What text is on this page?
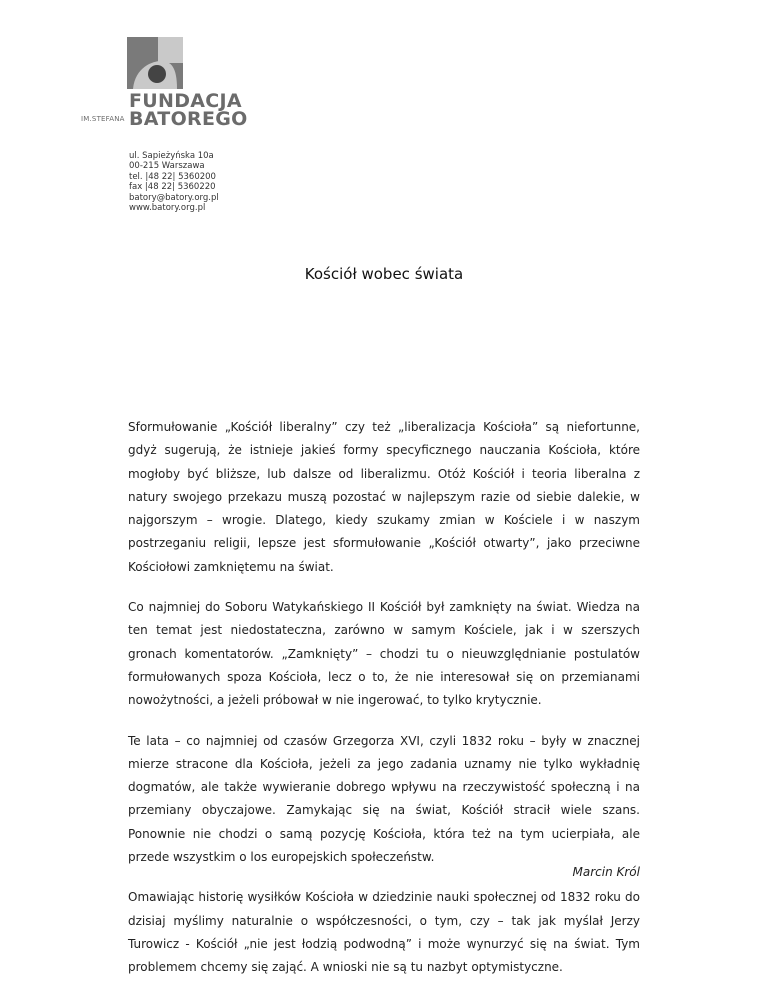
FUNDACJA
BATOREGO
IM.STEFANA
ul. Sapieżyńska 10a
00-215 Warszawa
tel. |48 22| 5360200
fax |48 22| 5360220
batory@batory.org.pl
www.batory.org.pl
Kościół wobec świata

Sformułowanie „Kościół liberalny” czy też „liberalizacja Kościoła” są niefortunne, gdyż sugerują, że istnieje jakieś formy specyficznego nauczania Kościoła, które mogłoby być bliższe, lub dalsze od liberalizmu. Otóż Kościół i teoria liberalna z natury swojego przekazu muszą pozostać w najlepszym razie od siebie dalekie, w najgorszym – wrogie. Dlatego, kiedy szukamy zmian w Kościele i w naszym postrzeganiu religii, lepsze jest sformułowanie „Kościół otwarty”, jako przeciwne Kościołowi zamkniętemu na świat.

Co najmniej do Soboru Watykańskiego II Kościół był zamknięty na świat. Wiedza na ten temat jest niedostateczna, zarówno w samym Kościele, jak i w szerszych gronach komentatorów. „Zamknięty” – chodzi tu o nieuwzględnianie postulatów formułowanych spoza Kościoła, lecz o to, że nie interesował się on przemianami nowożytności, a jeżeli próbował w nie ingerować, to tylko krytycznie.

Te lata – co najmniej od czasów Grzegorza XVI, czyli 1832 roku – były w znacznej mierze stracone dla Kościoła, jeżeli za jego zadania uznamy nie tylko wykładnię dogmatów, ale także wywieranie dobrego wpływu na rzeczywistość społeczną i na przemiany obyczajowe. Zamykając się na świat, Kościół stracił wiele szans. Ponownie nie chodzi o samą pozycję Kościoła, która też na tym ucierpiała, ale przede wszystkim o los europejskich społeczeństw.

Omawiając historię wysiłków Kościoła w dziedzinie nauki społecznej od 1832 roku do dzisiaj myślimy naturalnie o współczesności, o tym, czy – tak jak myślał Jerzy Turowicz - Kościół „nie jest łodzią podwodną” i może wynurzyć się na świat. Tym problemem chcemy się zająć. A wnioski nie są tu nazbyt optymistyczne.

Marcin Król
